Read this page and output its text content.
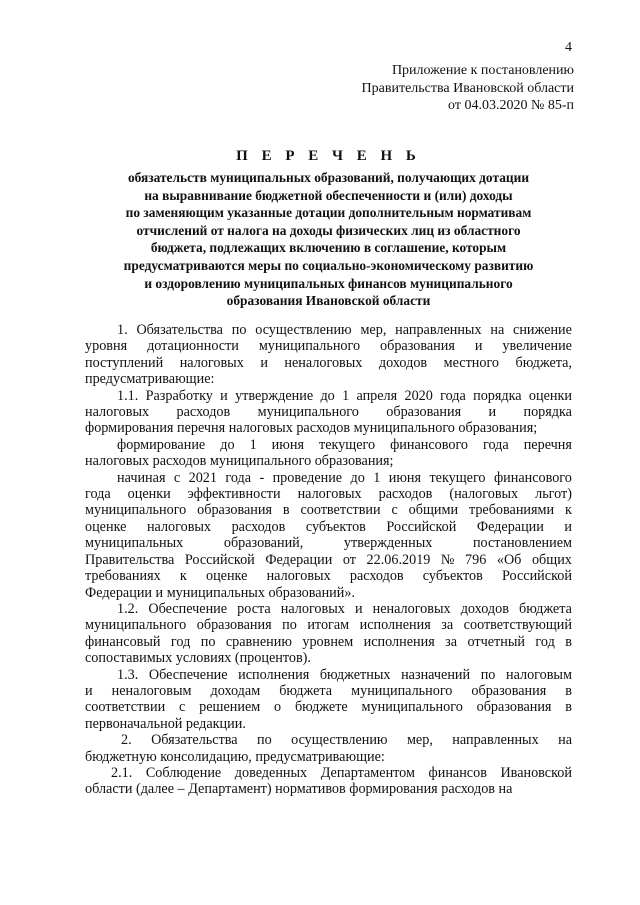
4
Приложение к постановлению
Правительства Ивановской области
от 04.03.2020 № 85-п
П Е Р Е Ч Е Н Ь
обязательств муниципальных образований, получающих дотации
на выравнивание бюджетной обеспеченности и (или) доходы
по заменяющим указанные дотации дополнительным нормативам
отчислений от налога на доходы физических лиц из областного
бюджета, подлежащих включению в соглашение, которым
предусматриваются меры по социально-экономическому развитию
и оздоровлению муниципальных финансов муниципального
образования Ивановской области
1. Обязательства по осуществлению мер, направленных на снижение
уровня дотационности муниципального образования и увеличение
поступлений налоговых и неналоговых доходов местного бюджета,
предусматривающие:
1.1. Разработку и утверждение до 1 апреля 2020 года порядка оценки
налоговых расходов муниципального образования и порядка
формирования перечня налоговых расходов муниципального образования;
формирование до 1 июня текущего финансового года перечня
налоговых расходов муниципального образования;
начиная с 2021 года - проведение до 1 июня текущего финансового
года оценки эффективности налоговых расходов (налоговых льгот)
муниципального образования в соответствии с общими требованиями к
оценке налоговых расходов субъектов Российской Федерации и
муниципальных	образований,	утвержденных	постановлением
Правительства Российской Федерации от 22.06.2019 № 796 «Об общих
требованиях к оценке налоговых расходов субъектов Российской
Федерации и муниципальных образований».
1.2. Обеспечение роста налоговых и неналоговых доходов бюджета
муниципального образования по итогам исполнения за соответствующий
финансовый год по сравнению уровнем исполнения за отчетный год в
сопоставимых условиях (процентов).
1.3. Обеспечение исполнения бюджетных назначений по налоговым
и неналоговым доходам бюджета муниципального образования в
соответствии с решением о бюджете муниципального образования в
первоначальной редакции.
2. Обязательства по осуществлению мер, направленных на
бюджетную консолидацию, предусматривающие:
2.1. Соблюдение доведенных Департаментом финансов Ивановской
области (далее – Департамент) нормативов формирования расходов на
